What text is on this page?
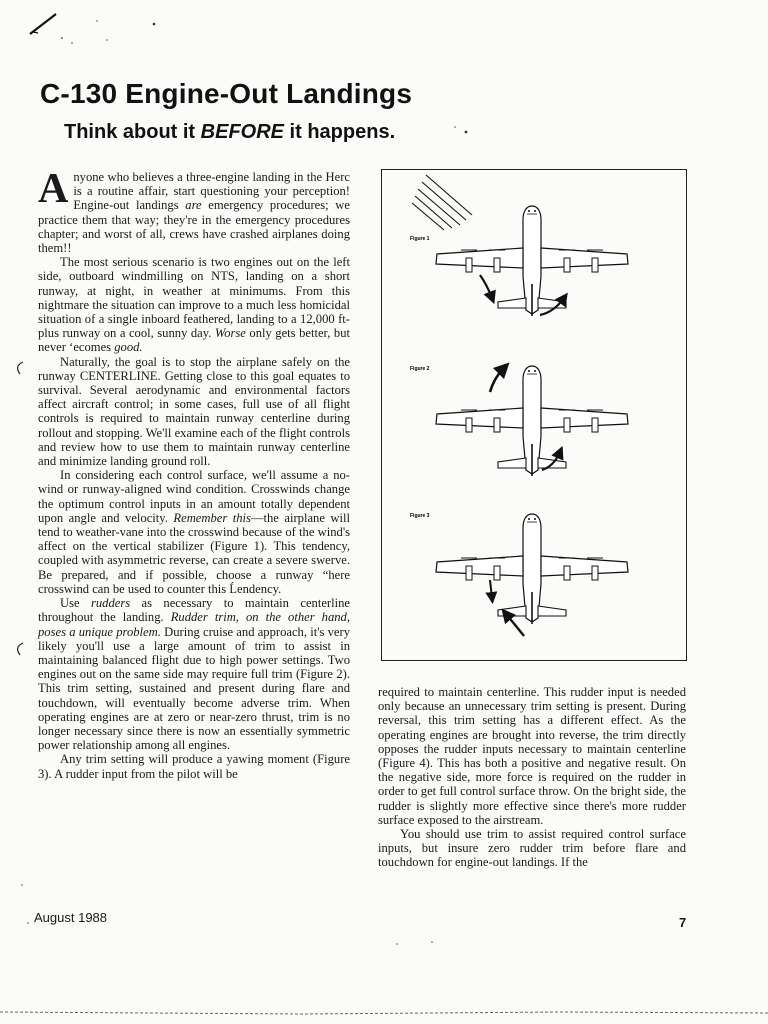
C-130 Engine-Out Landings
Think about it BEFORE it happens.

Anyone who believes a three-engine landing in the Herc is a routine affair, start questioning your perception! Engine-out landings are emergency procedures; we practice them that way; they're in the emergency procedures chapter; and worst of all, crews have crashed airplanes doing them!!

The most serious scenario is two engines out on the left side, outboard windmilling on NTS, landing on a short runway, at night, in weather at minimums. From this nightmare the situation can improve to a much less homicidal situation of a single inboard feathered, landing to a 12,000 ft-plus runway on a cool, sunny day. Worse only gets better, but never ʻecomes good.

Naturally, the goal is to stop the airplane safely on the runway CENTERLINE. Getting close to this goal equates to survival. Several aerodynamic and environmental factors affect aircraft control; in some cases, full use of all flight controls is required to maintain runway centerline during rollout and stopping. We'll examine each of the flight controls and review how to use them to maintain runway centerline and minimize landing ground roll.

In considering each control surface, we'll assume a no-wind or runway-aligned wind condition. Crosswinds change the optimum control inputs in an amount totally dependent upon angle and velocity. Remember this—the airplane will tend to weather-vane into the crosswind because of the wind's affect on the vertical stabilizer (Figure 1). This tendency, coupled with asymmetric reverse, can create a severe swerve. Be prepared, and if possible, choose a runway “here crosswind can be used to counter this Ĺendency.

Use rudders as necessary to maintain centerline throughout the landing. Rudder trim, on the other hand, poses a unique problem. During cruise and approach, it's very likely you'll use a large amount of trim to assist in maintaining balanced flight due to high power settings. Two engines out on the same side may require full trim (Figure 2). This trim setting, sustained and present during flare and touchdown, will eventually become adverse trim. When operating engines are at zero or near-zero thrust, trim is no longer necessary since there is now an essentially symmetric power relationship among all engines.

Any trim setting will produce a yawing moment (Figure 3). A rudder input from the pilot will be

Figure 1
Figure 2
Figure 3

required to maintain centerline. This rudder input is needed only because an unnecessary trim setting is present. During reversal, this trim setting has a different effect. As the operating engines are brought into reverse, the trim directly opposes the rudder inputs necessary to maintain centerline (Figure 4). This has both a positive and negative result. On the negative side, more force is required on the rudder in order to get full control surface throw. On the bright side, the rudder is slightly more effective since there's more rudder surface exposed to the airstream.

You should use trim to assist required control surface inputs, but insure zero rudder trim before flare and touchdown for engine-out landings. If the

August 1988	7
